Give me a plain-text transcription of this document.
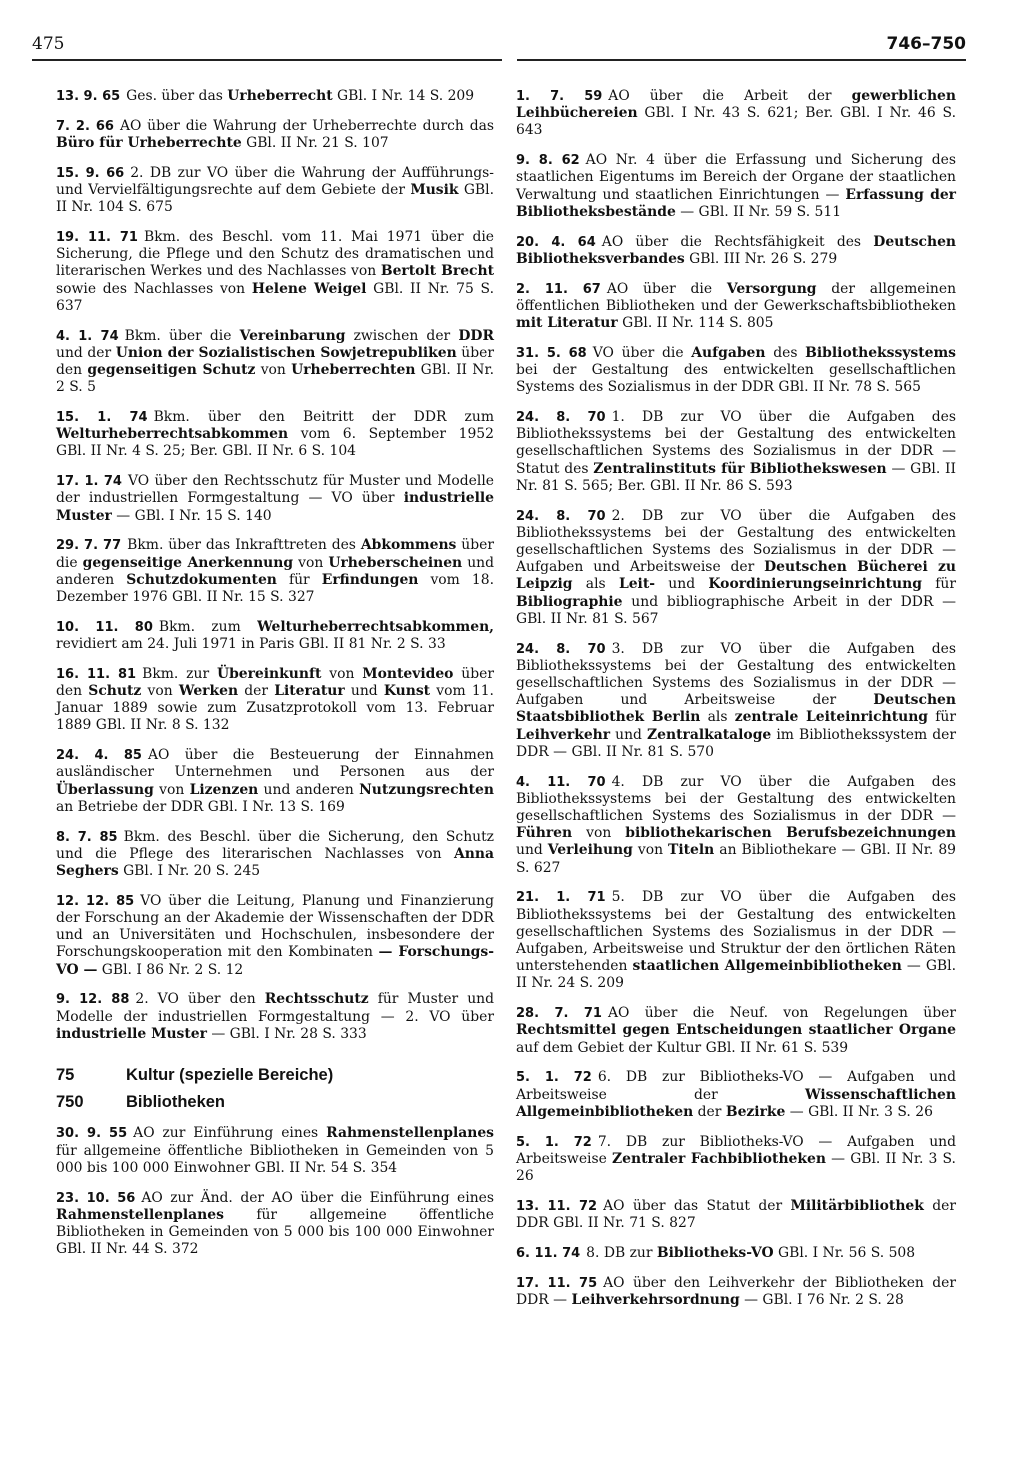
475	746–750

13. 9. 65 Ges. über das Urheberrecht GBl. I Nr. 14 S. 209

7. 2. 66 AO über die Wahrung der Urheberrechte durch das Büro für Urheberrechte GBl. II Nr. 21 S. 107

15. 9. 66 2. DB zur VO über die Wahrung der Aufführungs- und Vervielfältigungsrechte auf dem Gebiete der Musik GBl. II Nr. 104 S. 675

19. 11. 71 Bkm. des Beschl. vom 11. Mai 1971 über die Sicherung, die Pflege und den Schutz des dramatischen und literarischen Werkes und des Nachlasses von Bertolt Brecht sowie des Nachlasses von Helene Weigel GBl. II Nr. 75 S. 637

4. 1. 74 Bkm. über die Vereinbarung zwischen der DDR und der Union der Sozialistischen Sowjetrepubliken über den gegenseitigen Schutz von Urheberrechten GBl. II Nr. 2 S. 5

15. 1. 74 Bkm. über den Beitritt der DDR zum Welturheberrechtsabkommen vom 6. September 1952 GBl. II Nr. 4 S. 25; Ber. GBl. II Nr. 6 S. 104

17. 1. 74 VO über den Rechtsschutz für Muster und Modelle der industriellen Formgestaltung — VO über industrielle Muster — GBl. I Nr. 15 S. 140

29. 7. 77 Bkm. über das Inkrafttreten des Abkommens über die gegenseitige Anerkennung von Urheberscheinen und anderen Schutzdokumenten für Erfindungen vom 18. Dezember 1976 GBl. II Nr. 15 S. 327

10. 11. 80 Bkm. zum Welturheberrechtsabkommen, revidiert am 24. Juli 1971 in Paris GBl. II 81 Nr. 2 S. 33

16. 11. 81 Bkm. zur Übereinkunft von Montevideo über den Schutz von Werken der Literatur und Kunst vom 11. Januar 1889 sowie zum Zusatzprotokoll vom 13. Februar 1889 GBl. II Nr. 8 S. 132

24. 4. 85 AO über die Besteuerung der Einnahmen ausländischer Unternehmen und Personen aus der Überlassung von Lizenzen und anderen Nutzungsrechten an Betriebe der DDR GBl. I Nr. 13 S. 169

8. 7. 85 Bkm. des Beschl. über die Sicherung, den Schutz und die Pflege des literarischen Nachlasses von Anna Seghers GBl. I Nr. 20 S. 245

12. 12. 85 VO über die Leitung, Planung und Finanzierung der Forschung an der Akademie der Wissenschaften der DDR und an Universitäten und Hochschulen, insbesondere der Forschungskooperation mit den Kombinaten — Forschungs-VO — GBl. I 86 Nr. 2 S. 12

9. 12. 88 2. VO über den Rechtsschutz für Muster und Modelle der industriellen Formgestaltung — 2. VO über industrielle Muster — GBl. I Nr. 28 S. 333

75	Kultur (spezielle Bereiche)
750	Bibliotheken

30. 9. 55 AO zur Einführung eines Rahmenstellenplanes für allgemeine öffentliche Bibliotheken in Gemeinden von 5 000 bis 100 000 Einwohner GBl. II Nr. 54 S. 354

23. 10. 56 AO zur Änd. der AO über die Einführung eines Rahmenstellenplanes für allgemeine öffentliche Bibliotheken in Gemeinden von 5 000 bis 100 000 Einwohner GBl. II Nr. 44 S. 372

1. 7. 59 AO über die Arbeit der gewerblichen Leihbüchereien GBl. I Nr. 43 S. 621; Ber. GBl. I Nr. 46 S. 643

9. 8. 62 AO Nr. 4 über die Erfassung und Sicherung des staatlichen Eigentums im Bereich der Organe der staatlichen Verwaltung und staatlichen Einrichtungen — Erfassung der Bibliotheksbestände — GBl. II Nr. 59 S. 511

20. 4. 64 AO über die Rechtsfähigkeit des Deutschen Bibliotheksverbandes GBl. III Nr. 26 S. 279

2. 11. 67 AO über die Versorgung der allgemeinen öffentlichen Bibliotheken und der Gewerkschaftsbibliotheken mit Literatur GBl. II Nr. 114 S. 805

31. 5. 68 VO über die Aufgaben des Bibliothekssystems bei der Gestaltung des entwickelten gesellschaftlichen Systems des Sozialismus in der DDR GBl. II Nr. 78 S. 565

24. 8. 70 1. DB zur VO über die Aufgaben des Bibliothekssystems bei der Gestaltung des entwickelten gesellschaftlichen Systems des Sozialismus in der DDR — Statut des Zentralinstituts für Bibliothekswesen — GBl. II Nr. 81 S. 565; Ber. GBl. II Nr. 86 S. 593

24. 8. 70 2. DB zur VO über die Aufgaben des Bibliothekssystems bei der Gestaltung des entwickelten gesellschaftlichen Systems des Sozialismus in der DDR — Aufgaben und Arbeitsweise der Deutschen Bücherei zu Leipzig als Leit- und Koordinierungseinrichtung für Bibliographie und bibliographische Arbeit in der DDR — GBl. II Nr. 81 S. 567

24. 8. 70 3. DB zur VO über die Aufgaben des Bibliothekssystems bei der Gestaltung des entwickelten gesellschaftlichen Systems des Sozialismus in der DDR — Aufgaben und Arbeitsweise der Deutschen Staatsbibliothek Berlin als zentrale Leiteinrichtung für Leihverkehr und Zentralkataloge im Bibliothekssystem der DDR — GBl. II Nr. 81 S. 570

4. 11. 70 4. DB zur VO über die Aufgaben des Bibliothekssystems bei der Gestaltung des entwickelten gesellschaftlichen Systems des Sozialismus in der DDR — Führen von bibliothekarischen Berufsbezeichnungen und Verleihung von Titeln an Bibliothekare — GBl. II Nr. 89 S. 627

21. 1. 71 5. DB zur VO über die Aufgaben des Bibliothekssystems bei der Gestaltung des entwickelten gesellschaftlichen Systems des Sozialismus in der DDR — Aufgaben, Arbeitsweise und Struktur der den örtlichen Räten unterstehenden staatlichen Allgemeinbibliotheken — GBl. II Nr. 24 S. 209

28. 7. 71 AO über die Neuf. von Regelungen über Rechtsmittel gegen Entscheidungen staatlicher Organe auf dem Gebiet der Kultur GBl. II Nr. 61 S. 539

5. 1. 72 6. DB zur Bibliotheks-VO — Aufgaben und Arbeitsweise der Wissenschaftlichen Allgemeinbibliotheken der Bezirke — GBl. II Nr. 3 S. 26

5. 1. 72 7. DB zur Bibliotheks-VO — Aufgaben und Arbeitsweise Zentraler Fachbibliotheken — GBl. II Nr. 3 S. 26

13. 11. 72 AO über das Statut der Militärbibliothek der DDR GBl. II Nr. 71 S. 827

6. 11. 74 8. DB zur Bibliotheks-VO GBl. I Nr. 56 S. 508

17. 11. 75 AO über den Leihverkehr der Bibliotheken der DDR — Leihverkehrsordnung — GBl. I 76 Nr. 2 S. 28
